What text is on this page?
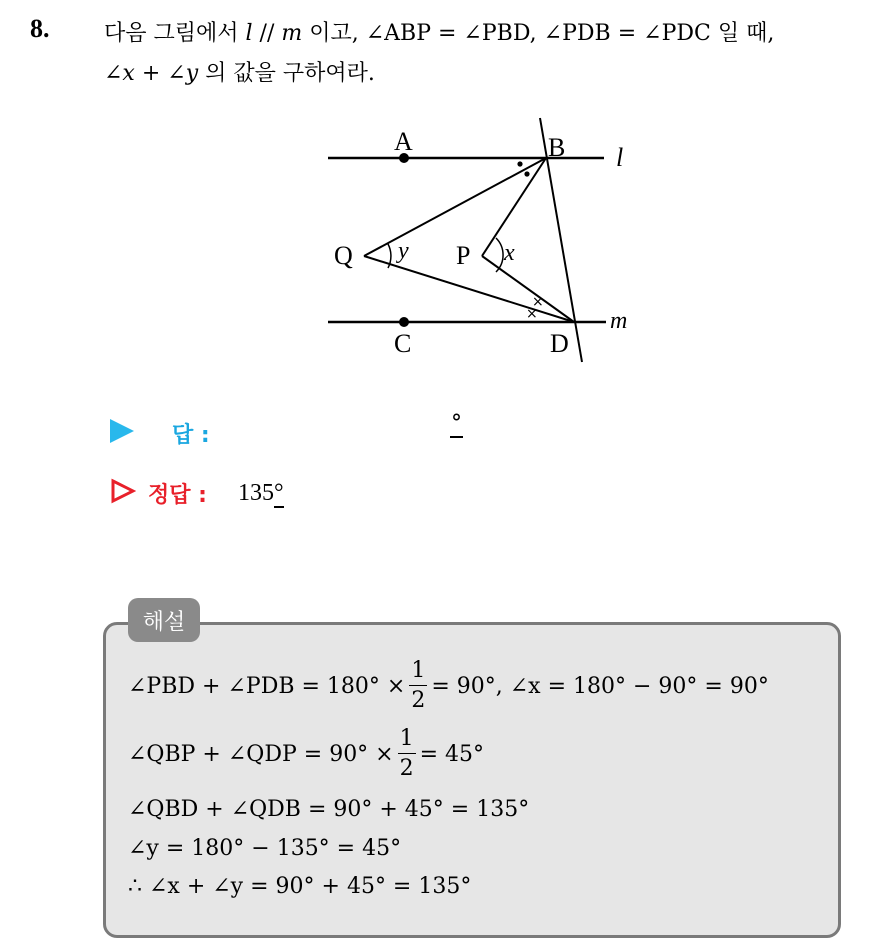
8. 다음 그림에서 l // m 이고, ∠ABP = ∠PBD, ∠PDB = ∠PDC 일 때,
∠x + ∠y 의 값을 구하여라.
×
×
A	B
C	D
P
Q
l
m
x
y
답 :	°
정답 : 135°
해설
∠PBD + ∠PDB = $180^\circ \times \frac{1}{2} = 90^\circ$, ∠x = 180° − 90° = 90°
∠QBP + ∠QDP = $90^\circ \times \frac{1}{2} = 45^\circ$
∠QBD + ∠QDB = 90° + 45° = 135°
∠y = 180° − 135° = 45°
∴ ∠x + ∠y = 90° + 45° = 135°
